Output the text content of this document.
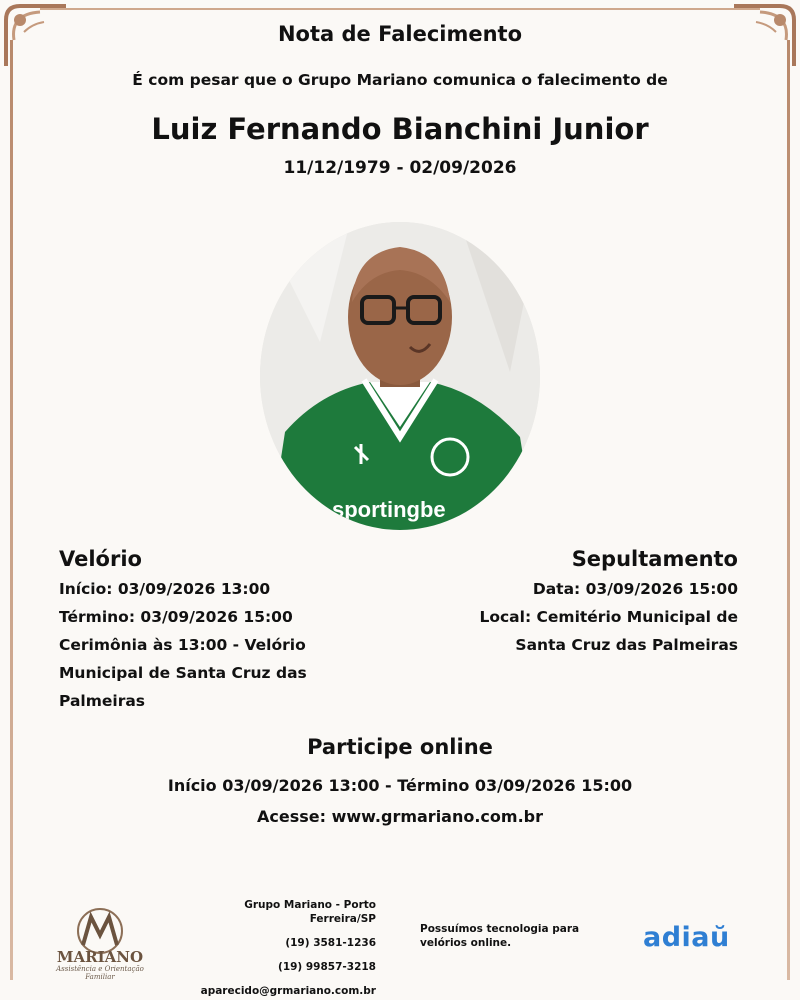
Nota de Falecimento
É com pesar que o Grupo Mariano comunica o falecimento de
Luiz Fernando Bianchini Junior
11/12/1979 - 02/09/2026
sportingbe
Velório
Início: 03/09/2026 13:00
Término: 03/09/2026 15:00
Cerimônia às 13:00 - Velório
Municipal de Santa Cruz das
Palmeiras
Sepultamento
Data: 03/09/2026 15:00
Local: Cemitério Municipal de
Santa Cruz das Palmeiras
Participe online
Início 03/09/2026 13:00 - Término 03/09/2026 15:00
Acesse: www.grmariano.com.br
MARIANO
Assistência e Orientação Familiar
Grupo Mariano - Porto
Ferreira/SP
(19) 3581-1236
(19) 99857-3218
aparecido@grmariano.com.br
Possuímos tecnologia para
velórios online.	adiaŭ
